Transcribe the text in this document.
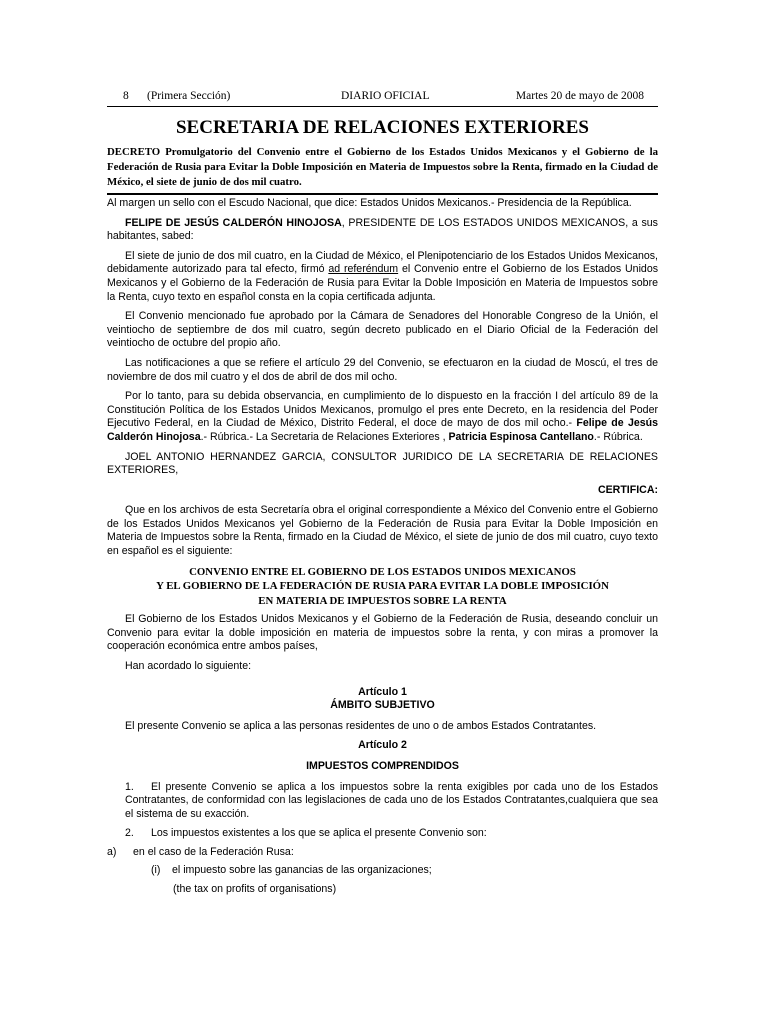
8 (Primera Sección)	DIARIO OFICIAL	Martes 20 de mayo de 2008
SECRETARIA DE RELACIONES EXTERIORES

DECRETO Promulgatorio del Convenio entre el Gobierno de los Estados Unidos Mexicanos y el Gobierno de la Federación de Rusia para Evitar la Doble Imposición en Materia de Impuestos sobre la Renta, firmado en la Ciudad de México, el siete de junio de dos mil cuatro.

Al margen un sello con el Escudo Nacional, que dice: Estados Unidos Mexicanos.- Presidencia de la República.

FELIPE DE JESÚS CALDERÓN HINOJOSA, PRESIDENTE DE LOS ESTADOS UNIDOS MEXICANOS, a sus habitantes, sabed:

El siete de junio de dos mil cuatro, en la Ciudad de México, el Plenipotenciario de los Estados Unidos Mexicanos, debidamente autorizado para tal efecto, firmó ad referéndum el Convenio entre el Gobierno de los Estados Unidos Mexicanos y el Gobierno de la Federación de Rusia para Evitar la Doble Imposición en Materia de Impuestos sobre la Renta, cuyo texto en español consta en la copia certificada adjunta.

El Convenio mencionado fue aprobado por la Cámara de Senadores del Honorable Congreso de la Unión, el veintiocho de septiembre de dos mil cuatro, según decreto publicado en el Diario Oficial de la Federación del veintiocho de octubre del propio año.

Las notificaciones a que se refiere el artículo 29 del Convenio, se efectuaron en la ciudad de Moscú, el tres de noviembre de dos mil cuatro y el dos de abril de dos mil ocho.

Por lo tanto, para su debida observancia, en cumplimiento de lo dispuesto en la fracción I del artículo 89 de la Constitución Política de los Estados Unidos Mexicanos, promulgo el pres ente Decreto, en la residencia del Poder Ejecutivo Federal, en la Ciudad de México, Distrito Federal, el doce de mayo de dos mil ocho.- Felipe de Jesús Calderón Hinojosa.- Rúbrica.- La Secretaria de Relaciones Exteriores , Patricia Espinosa Cantellano.- Rúbrica.

JOEL ANTONIO HERNANDEZ GARCIA, CONSULTOR JURIDICO DE LA SECRETARIA DE RELACIONES EXTERIORES,

CERTIFICA:

Que en los archivos de esta Secretaría obra el original correspondiente a México del Convenio entre el Gobierno de los Estados Unidos Mexicanos yel Gobierno de la Federación de Rusia para Evitar la Doble Imposición en Materia de Impuestos sobre la Renta, firmado en la Ciudad de México, el siete de junio de dos mil cuatro, cuyo texto en español es el siguiente:

CONVENIO ENTRE EL GOBIERNO DE LOS ESTADOS UNIDOS MEXICANOS
Y EL GOBIERNO DE LA FEDERACIÓN DE RUSIA PARA EVITAR LA DOBLE IMPOSICIÓN
EN MATERIA DE IMPUESTOS SOBRE LA RENTA

El Gobierno de los Estados Unidos Mexicanos y el Gobierno de la Federación de Rusia, deseando concluir un Convenio para evitar la doble imposición en materia de impuestos sobre la renta, y con miras a promover la cooperación económica entre ambos países,

Han acordado lo siguiente:

Artículo 1

ÁMBITO SUBJETIVO

El presente Convenio se aplica a las personas residentes de uno o de ambos Estados Contratantes.

Artículo 2

IMPUESTOS COMPRENDIDOS

1. El presente Convenio se aplica a los impuestos sobre la renta exigibles por cada uno de los Estados Contratantes, de conformidad con las legislaciones de cada uno de los Estados Contratantes,cualquiera que sea el sistema de su exacción.

2. Los impuestos existentes a los que se aplica el presente Convenio son:

a) en el caso de la Federación Rusa:

(i) el impuesto sobre las ganancias de las organizaciones;

(the tax on profits of organisations)
